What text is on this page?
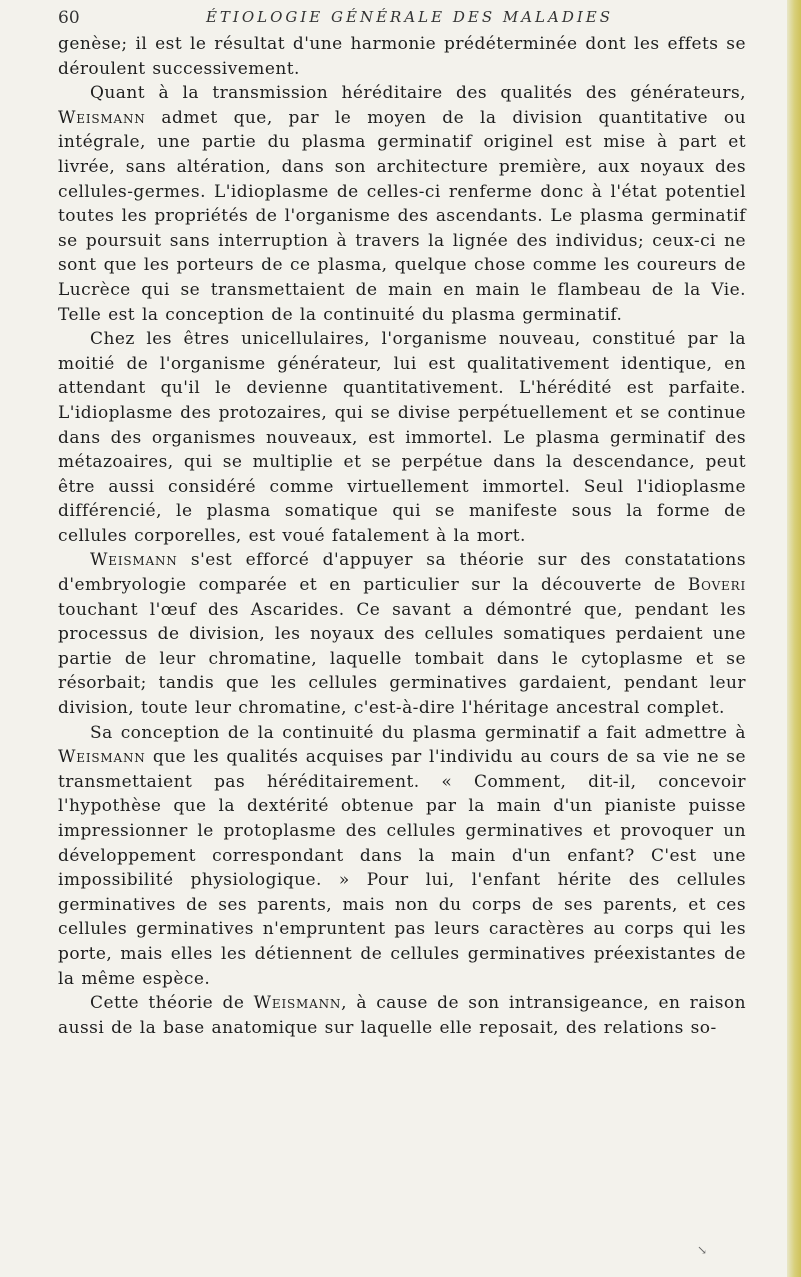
60	ÉTIOLOGIE GÉNÉRALE DES MALADIES

genèse; il est le résultat d'une harmonie prédéterminée dont les effets se déroulent successivement.

Quant à la transmission héréditaire des qualités des générateurs, Weismann admet que, par le moyen de la division quantitative ou intégrale, une partie du plasma germinatif originel est mise à part et livrée, sans altération, dans son architecture première, aux noyaux des cellules-germes. L'idioplasme de celles-ci renferme donc à l'état potentiel toutes les propriétés de l'organisme des ascendants. Le plasma germinatif se poursuit sans interruption à travers la lignée des individus; ceux-ci ne sont que les porteurs de ce plasma, quelque chose comme les coureurs de Lucrèce qui se transmettaient de main en main le flambeau de la Vie. Telle est la conception de la continuité du plasma germinatif.

Chez les êtres unicellulaires, l'organisme nouveau, constitué par la moitié de l'organisme générateur, lui est qualitativement identique, en attendant qu'il le devienne quantitativement. L'hérédité est parfaite. L'idioplasme des protozaires, qui se divise perpétuellement et se continue dans des organismes nouveaux, est immortel. Le plasma germinatif des métazoaires, qui se multiplie et se perpétue dans la descendance, peut être aussi considéré comme virtuellement immortel. Seul l'idioplasme différencié, le plasma somatique qui se manifeste sous la forme de cellules corporelles, est voué fatalement à la mort.

Weismann s'est efforcé d'appuyer sa théorie sur des constatations d'embryologie comparée et en particulier sur la découverte de Boveri touchant l'œuf des Ascarides. Ce savant a démontré que, pendant les processus de division, les noyaux des cellules somatiques perdaient une partie de leur chromatine, laquelle tombait dans le cytoplasme et se résorbait; tandis que les cellules germinatives gardaient, pendant leur division, toute leur chromatine, c'est-à-dire l'héritage ancestral complet.

Sa conception de la continuité du plasma germinatif a fait admettre à Weismann que les qualités acquises par l'individu au cours de sa vie ne se transmettaient pas héréditairement. « Comment, dit-il, concevoir l'hypothèse que la dextérité obtenue par la main d'un pianiste puisse impressionner le protoplasme des cellules germinatives et provoquer un développement correspondant dans la main d'un enfant? C'est une impossibilité physiologique. » Pour lui, l'enfant hérite des cellules germinatives de ses parents, mais non du corps de ses parents, et ces cellules germinatives n'empruntent pas leurs caractères au corps qui les porte, mais elles les détiennent de cellules germinatives préexistantes de la même espèce.

Cette théorie de Weismann, à cause de son intransigeance, en raison aussi de la base anatomique sur laquelle elle reposait, des relations so-

↘
